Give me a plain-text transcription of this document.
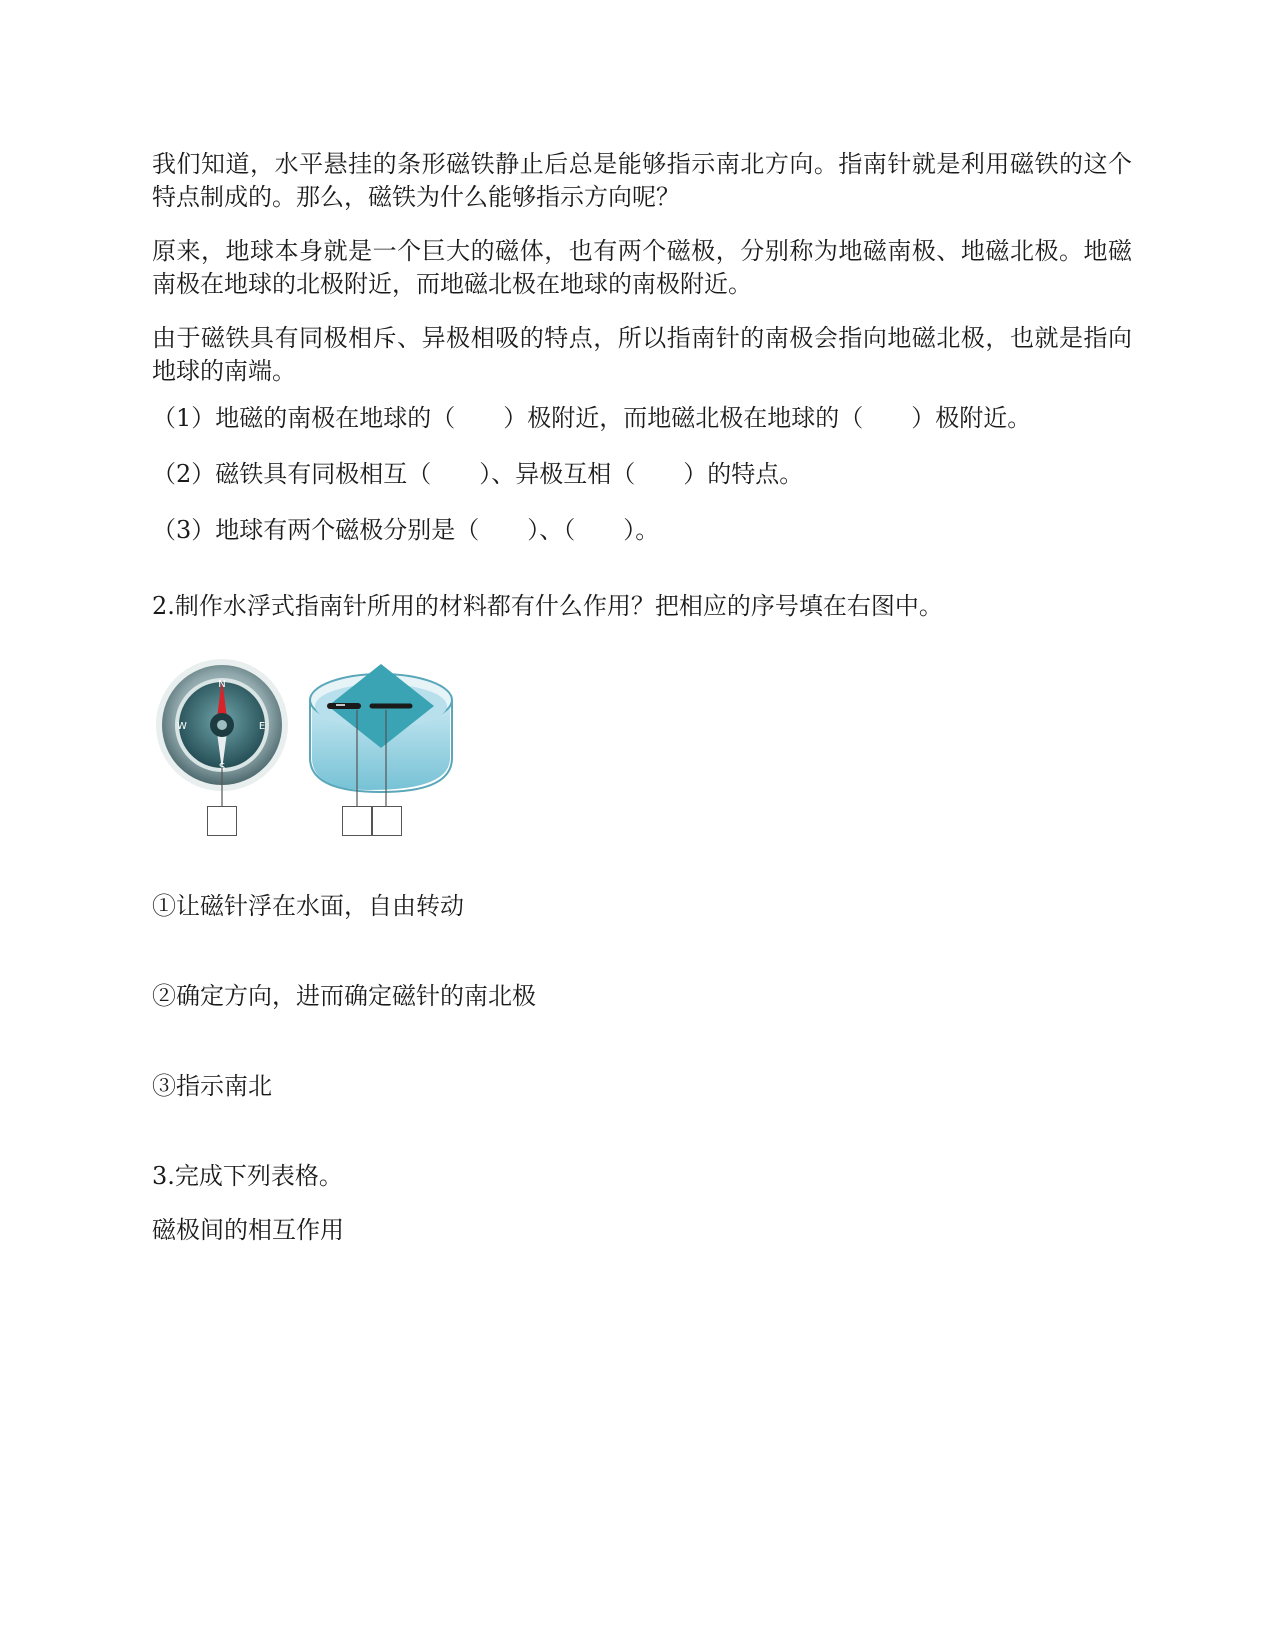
我们知道，水平悬挂的条形磁铁静止后总是能够指示南北方向。指南针就是利用磁铁的这个特点制成的。那么，磁铁为什么能够指示方向呢？

原来，地球本身就是一个巨大的磁体，也有两个磁极，分别称为地磁南极、地磁北极。地磁南极在地球的北极附近，而地磁北极在地球的南极附近。

由于磁铁具有同极相斥、异极相吸的特点，所以指南针的南极会指向地磁北极，也就是指向地球的南端。

（1）地磁的南极在地球的（　　）极附近，而地磁北极在地球的（　　）极附近。
（2）磁铁具有同极相互（　　）、异极互相（　　）的特点。
（3）地球有两个磁极分别是（　　）、（　　）。
2.制作水浮式指南针所用的材料都有什么作用？把相应的序号填在右图中。
N
E
S
W
①让磁针浮在水面，自由转动
②确定方向，进而确定磁针的南北极
③指示南北
3.完成下列表格。
磁极间的相互作用
